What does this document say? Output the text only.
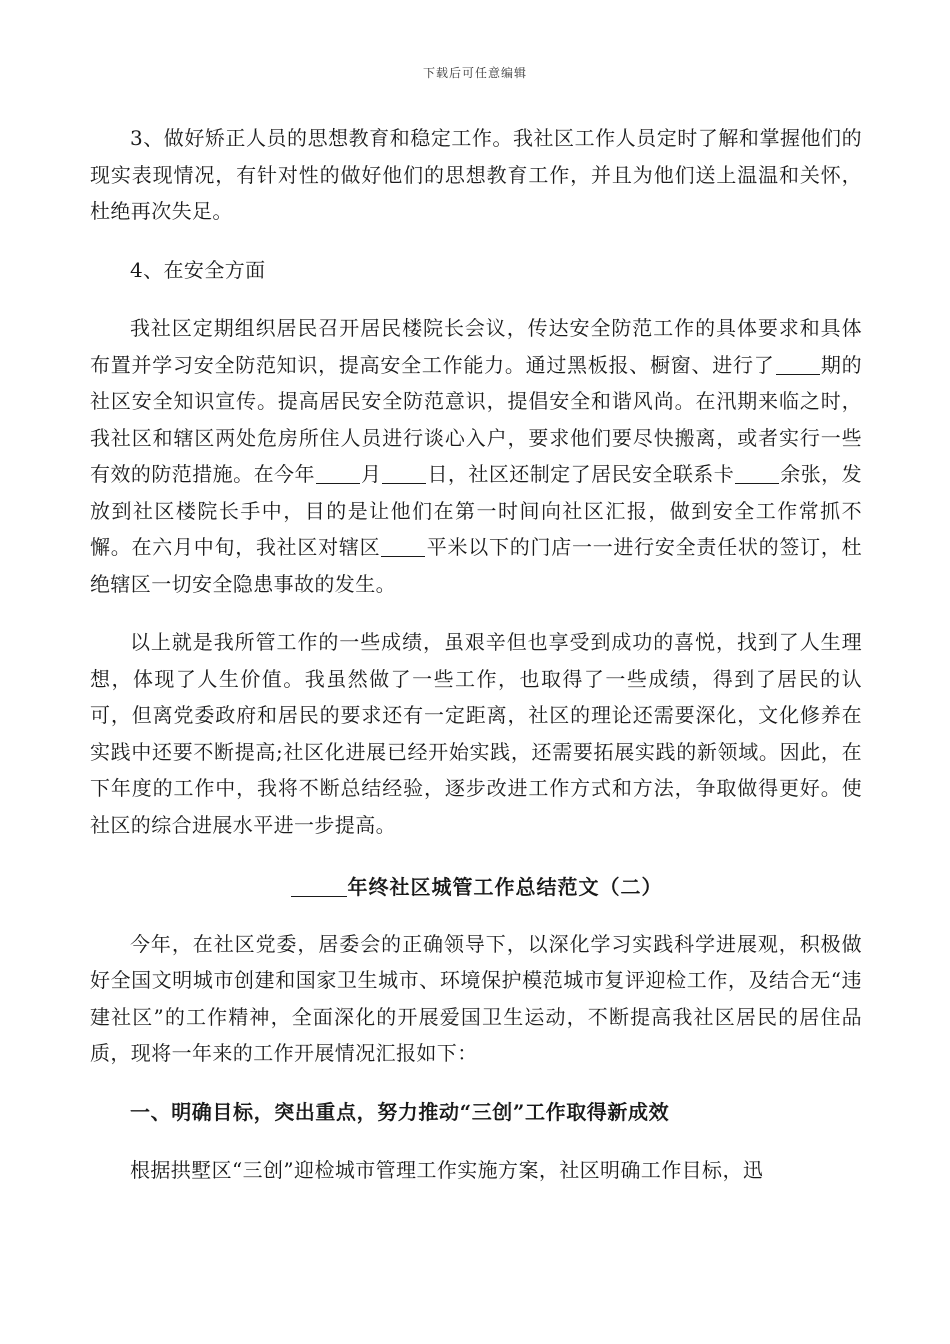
下载后可任意编辑

3、做好矫正人员的思想教育和稳定工作。我社区工作人员定时了解和掌握他们的现实表现情况，有针对性的做好他们的思想教育工作，并且为他们送上温温和关怀，杜绝再次失足。

4、在安全方面

我社区定期组织居民召开居民楼院长会议，传达安全防范工作的具体要求和具体布置并学习安全防范知识，提高安全工作能力。通过黑板报、橱窗、进行了 期的社区安全知识宣传。提高居民安全防范意识，提倡安全和谐风尚。在汛期来临之时，我社区和辖区两处危房所住人员进行谈心入户，要求他们要尽快搬离，或者实行一些有效的防范措施。在今年 月 日，社区还制定了居民安全联系卡 余张，发放到社区楼院长手中，目的是让他们在第一时间向社区汇报，做到安全工作常抓不懈。在六月中旬，我社区对辖区 平米以下的门店一一进行安全责任状的签订，杜绝辖区一切安全隐患事故的发生。

以上就是我所管工作的一些成绩，虽艰辛但也享受到成功的喜悦，找到了人生理想，体现了人生价值。我虽然做了一些工作，也取得了一些成绩，得到了居民的认可，但离党委政府和居民的要求还有一定距离，社区的理论还需要深化，文化修养在实践中还要不断提高;社区化进展已经开始实践，还需要拓展实践的新领域。因此，在下年度的工作中，我将不断总结经验，逐步改进工作方式和方法，争取做得更好。使社区的综合进展水平进一步提高。

年终社区城管工作总结范文（二）

今年，在社区党委，居委会的正确领导下，以深化学习实践科学进展观，积极做好全国文明城市创建和国家卫生城市、环境保护模范城市复评迎检工作，及结合无“违建社区”的工作精神，全面深化的开展爱国卫生运动，不断提高我社区居民的居住品质，现将一年来的工作开展情况汇报如下：

一、明确目标，突出重点，努力推动“三创”工作取得新成效

根据拱墅区“三创”迎检城市管理工作实施方案，社区明确工作目标，迅
